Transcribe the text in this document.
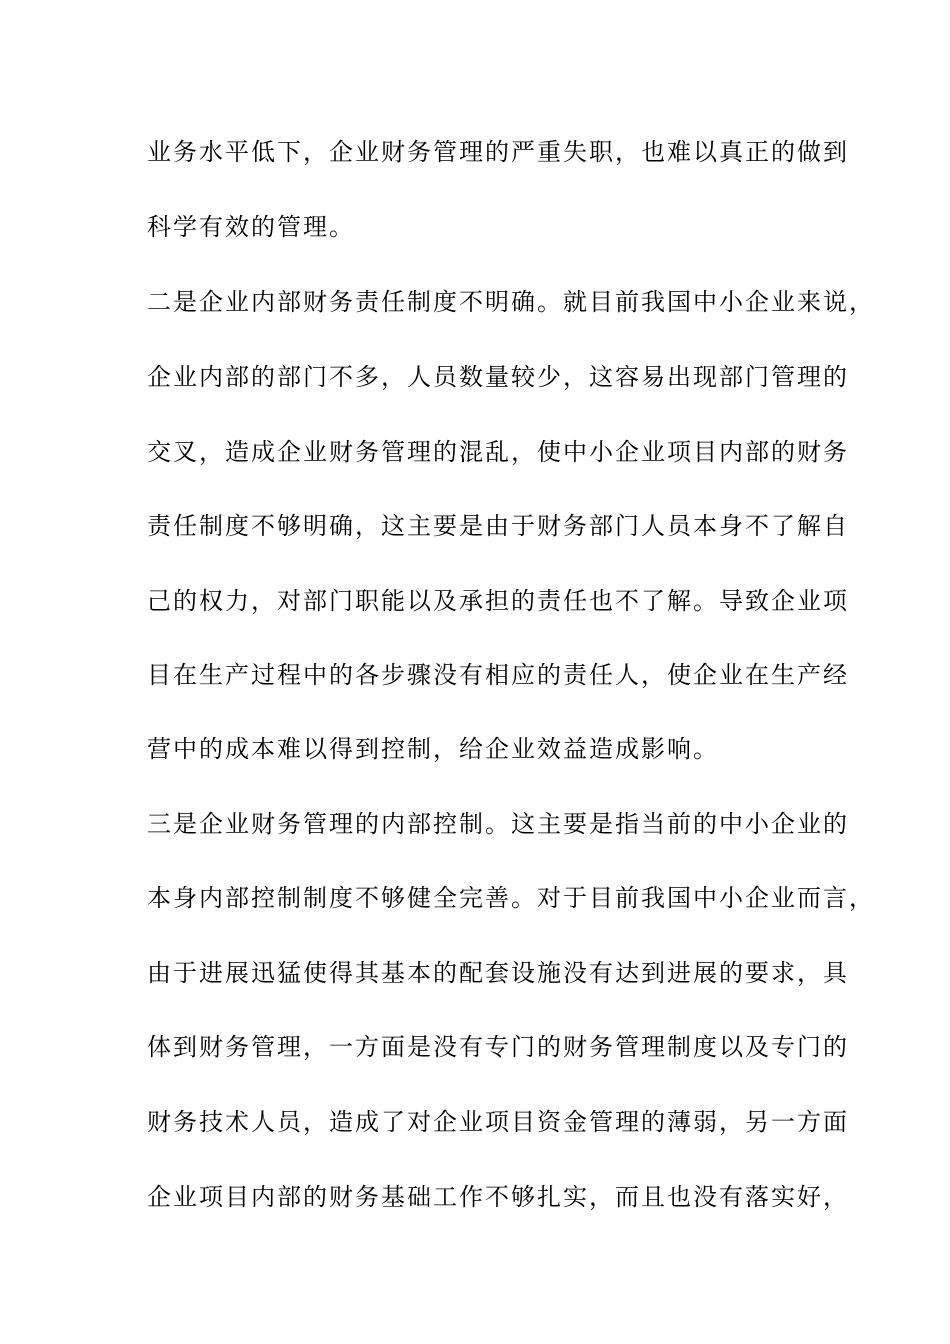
业务水平低下，企业财务管理的严重失职，也难以真正的做到
科学有效的管理。
二是企业内部财务责任制度不明确。就目前我国中小企业来说，
企业内部的部门不多，人员数量较少，这容易出现部门管理的
交叉，造成企业财务管理的混乱，使中小企业项目内部的财务
责任制度不够明确，这主要是由于财务部门人员本身不了解自
己的权力，对部门职能以及承担的责任也不了解。导致企业项
目在生产过程中的各步骤没有相应的责任人，使企业在生产经
营中的成本难以得到控制，给企业效益造成影响。
三是企业财务管理的内部控制。这主要是指当前的中小企业的
本身内部控制制度不够健全完善。对于目前我国中小企业而言，
由于进展迅猛使得其基本的配套设施没有达到进展的要求，具
体到财务管理，一方面是没有专门的财务管理制度以及专门的
财务技术人员，造成了对企业项目资金管理的薄弱，另一方面
企业项目内部的财务基础工作不够扎实，而且也没有落实好，
